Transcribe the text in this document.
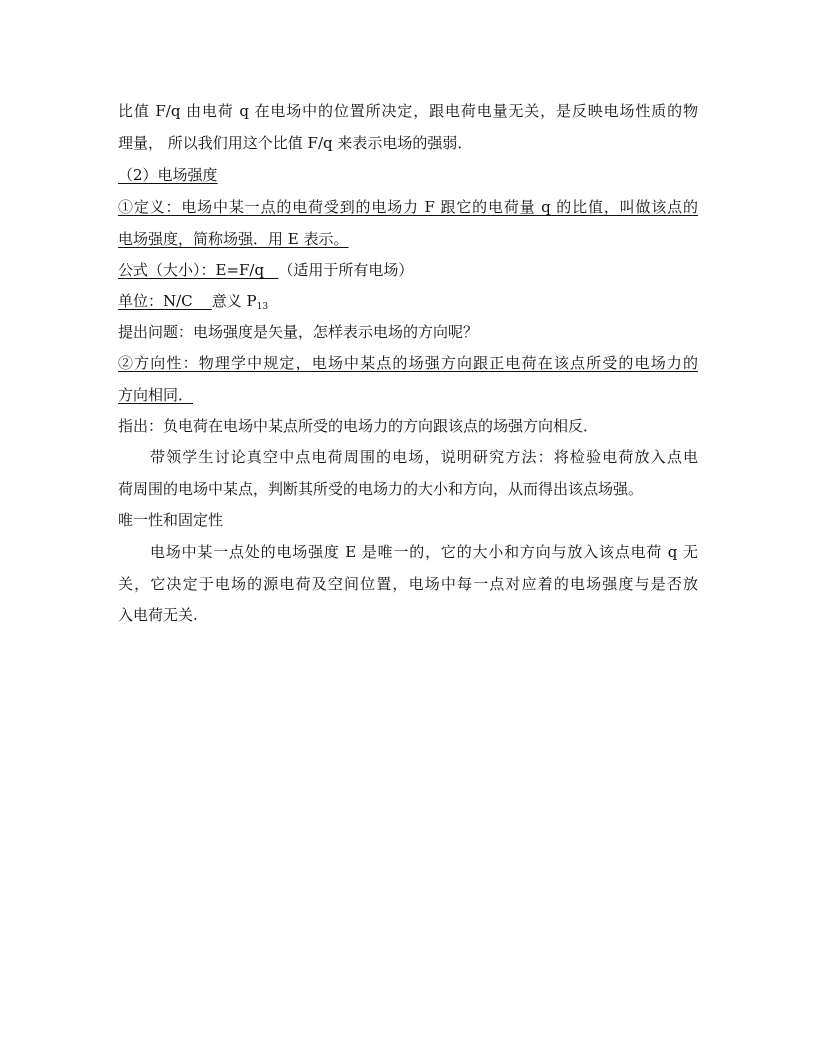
比值 F/q 由电荷 q 在电场中的位置所决定，跟电荷电量无关，是反映电场性质的物
理量， 所以我们用这个比值 F/q 来表示电场的强弱．
（2）电场强度
①定义：电场中某一点的电荷受到的电场力 F 跟它的电荷量 q 的比值，叫做该点的
电场强度，简称场强．用 E 表示。
公式（大小）：E=F/q   （适用于所有电场）
单位：N/C    意义 $P_{13}$
提出问题：电场强度是矢量，怎样表示电场的方向呢？
②方向性：物理学中规定，电场中某点的场强方向跟正电荷在该点所受的电场力的
方向相同．
指出：负电荷在电场中某点所受的电场力的方向跟该点的场强方向相反．
带领学生讨论真空中点电荷周围的电场，说明研究方法：将检验电荷放入点电
荷周围的电场中某点，判断其所受的电场力的大小和方向，从而得出该点场强。
唯一性和固定性
电场中某一点处的电场强度 E 是唯一的，它的大小和方向与放入该点电荷 q 无
关，它决定于电场的源电荷及空间位置，电场中每一点对应着的电场强度与是否放
入电荷无关.
